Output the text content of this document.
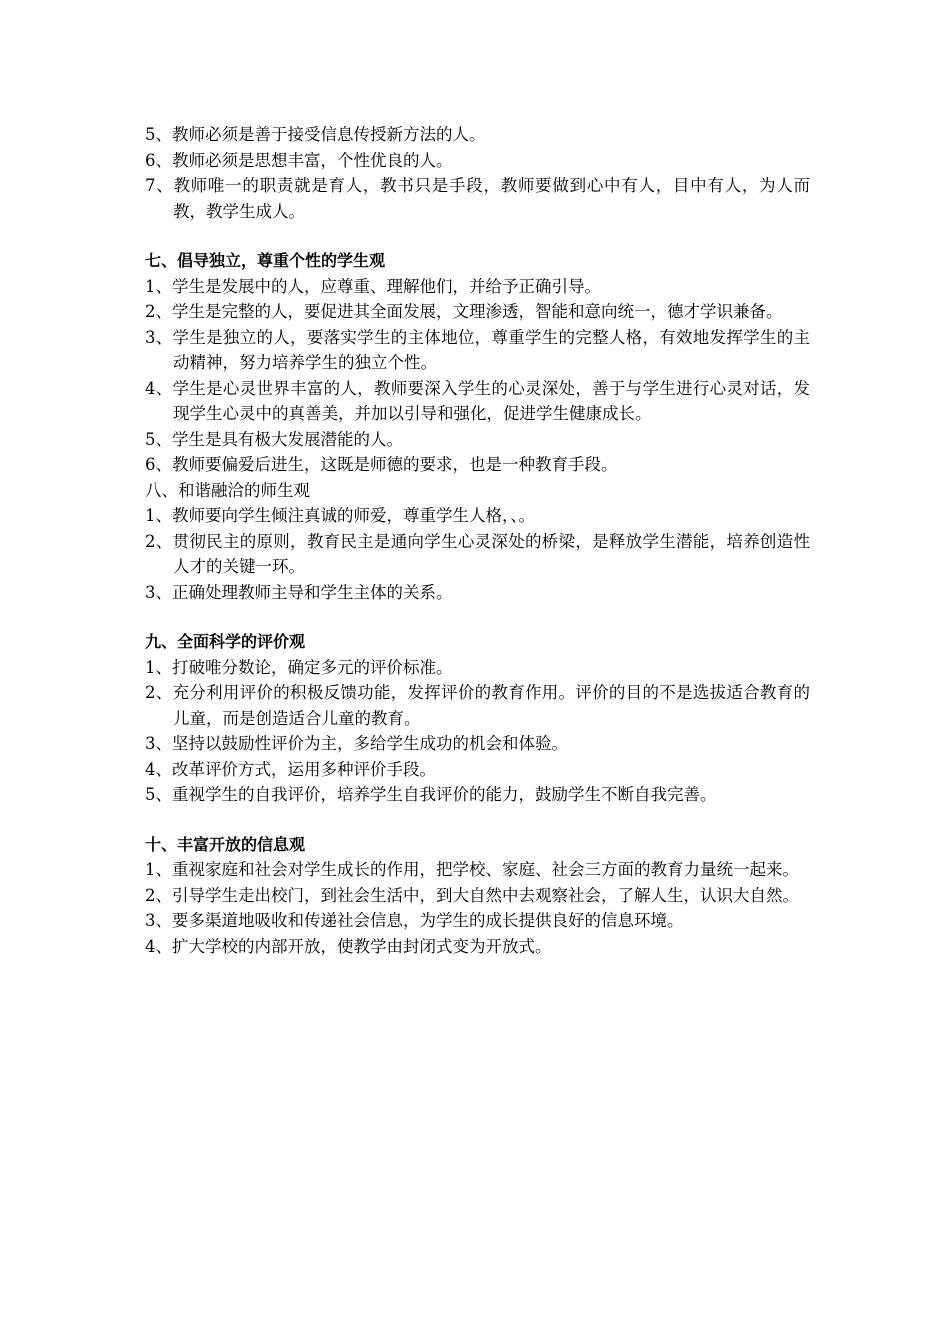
5、教师必须是善于接受信息传授新方法的人。
6、教师必须是思想丰富，个性优良的人。
7、教师唯一的职责就是育人，教书只是手段，教师要做到心中有人，目中有人，为人而教，教学生成人。
七、倡导独立，尊重个性的学生观
1、学生是发展中的人，应尊重、理解他们，并给予正确引导。
2、学生是完整的人，要促进其全面发展，文理渗透，智能和意向统一，德才学识兼备。
3、学生是独立的人，要落实学生的主体地位，尊重学生的完整人格，有效地发挥学生的主动精神，努力培养学生的独立个性。
4、学生是心灵世界丰富的人，教师要深入学生的心灵深处，善于与学生进行心灵对话，发现学生心灵中的真善美，并加以引导和强化，促进学生健康成长。
5、学生是具有极大发展潜能的人。
6、教师要偏爱后进生，这既是师德的要求，也是一种教育手段。
八、和谐融洽的师生观
1、教师要向学生倾注真诚的师爱，尊重学生人格，、。
2、贯彻民主的原则，教育民主是通向学生心灵深处的桥梁，是释放学生潜能，培养创造性人才的关键一环。
3、正确处理教师主导和学生主体的关系。
九、全面科学的评价观
1、打破唯分数论，确定多元的评价标准。
2、充分利用评价的积极反馈功能，发挥评价的教育作用。评价的目的不是选拔适合教育的儿童，而是创造适合儿童的教育。
3、坚持以鼓励性评价为主，多给学生成功的机会和体验。
4、改革评价方式，运用多种评价手段。
5、重视学生的自我评价，培养学生自我评价的能力，鼓励学生不断自我完善。
十、丰富开放的信息观
1、重视家庭和社会对学生成长的作用，把学校、家庭、社会三方面的教育力量统一起来。
2、引导学生走出校门，到社会生活中，到大自然中去观察社会，了解人生，认识大自然。
3、要多渠道地吸收和传递社会信息，为学生的成长提供良好的信息环境。
4、扩大学校的内部开放，使教学由封闭式变为开放式。
